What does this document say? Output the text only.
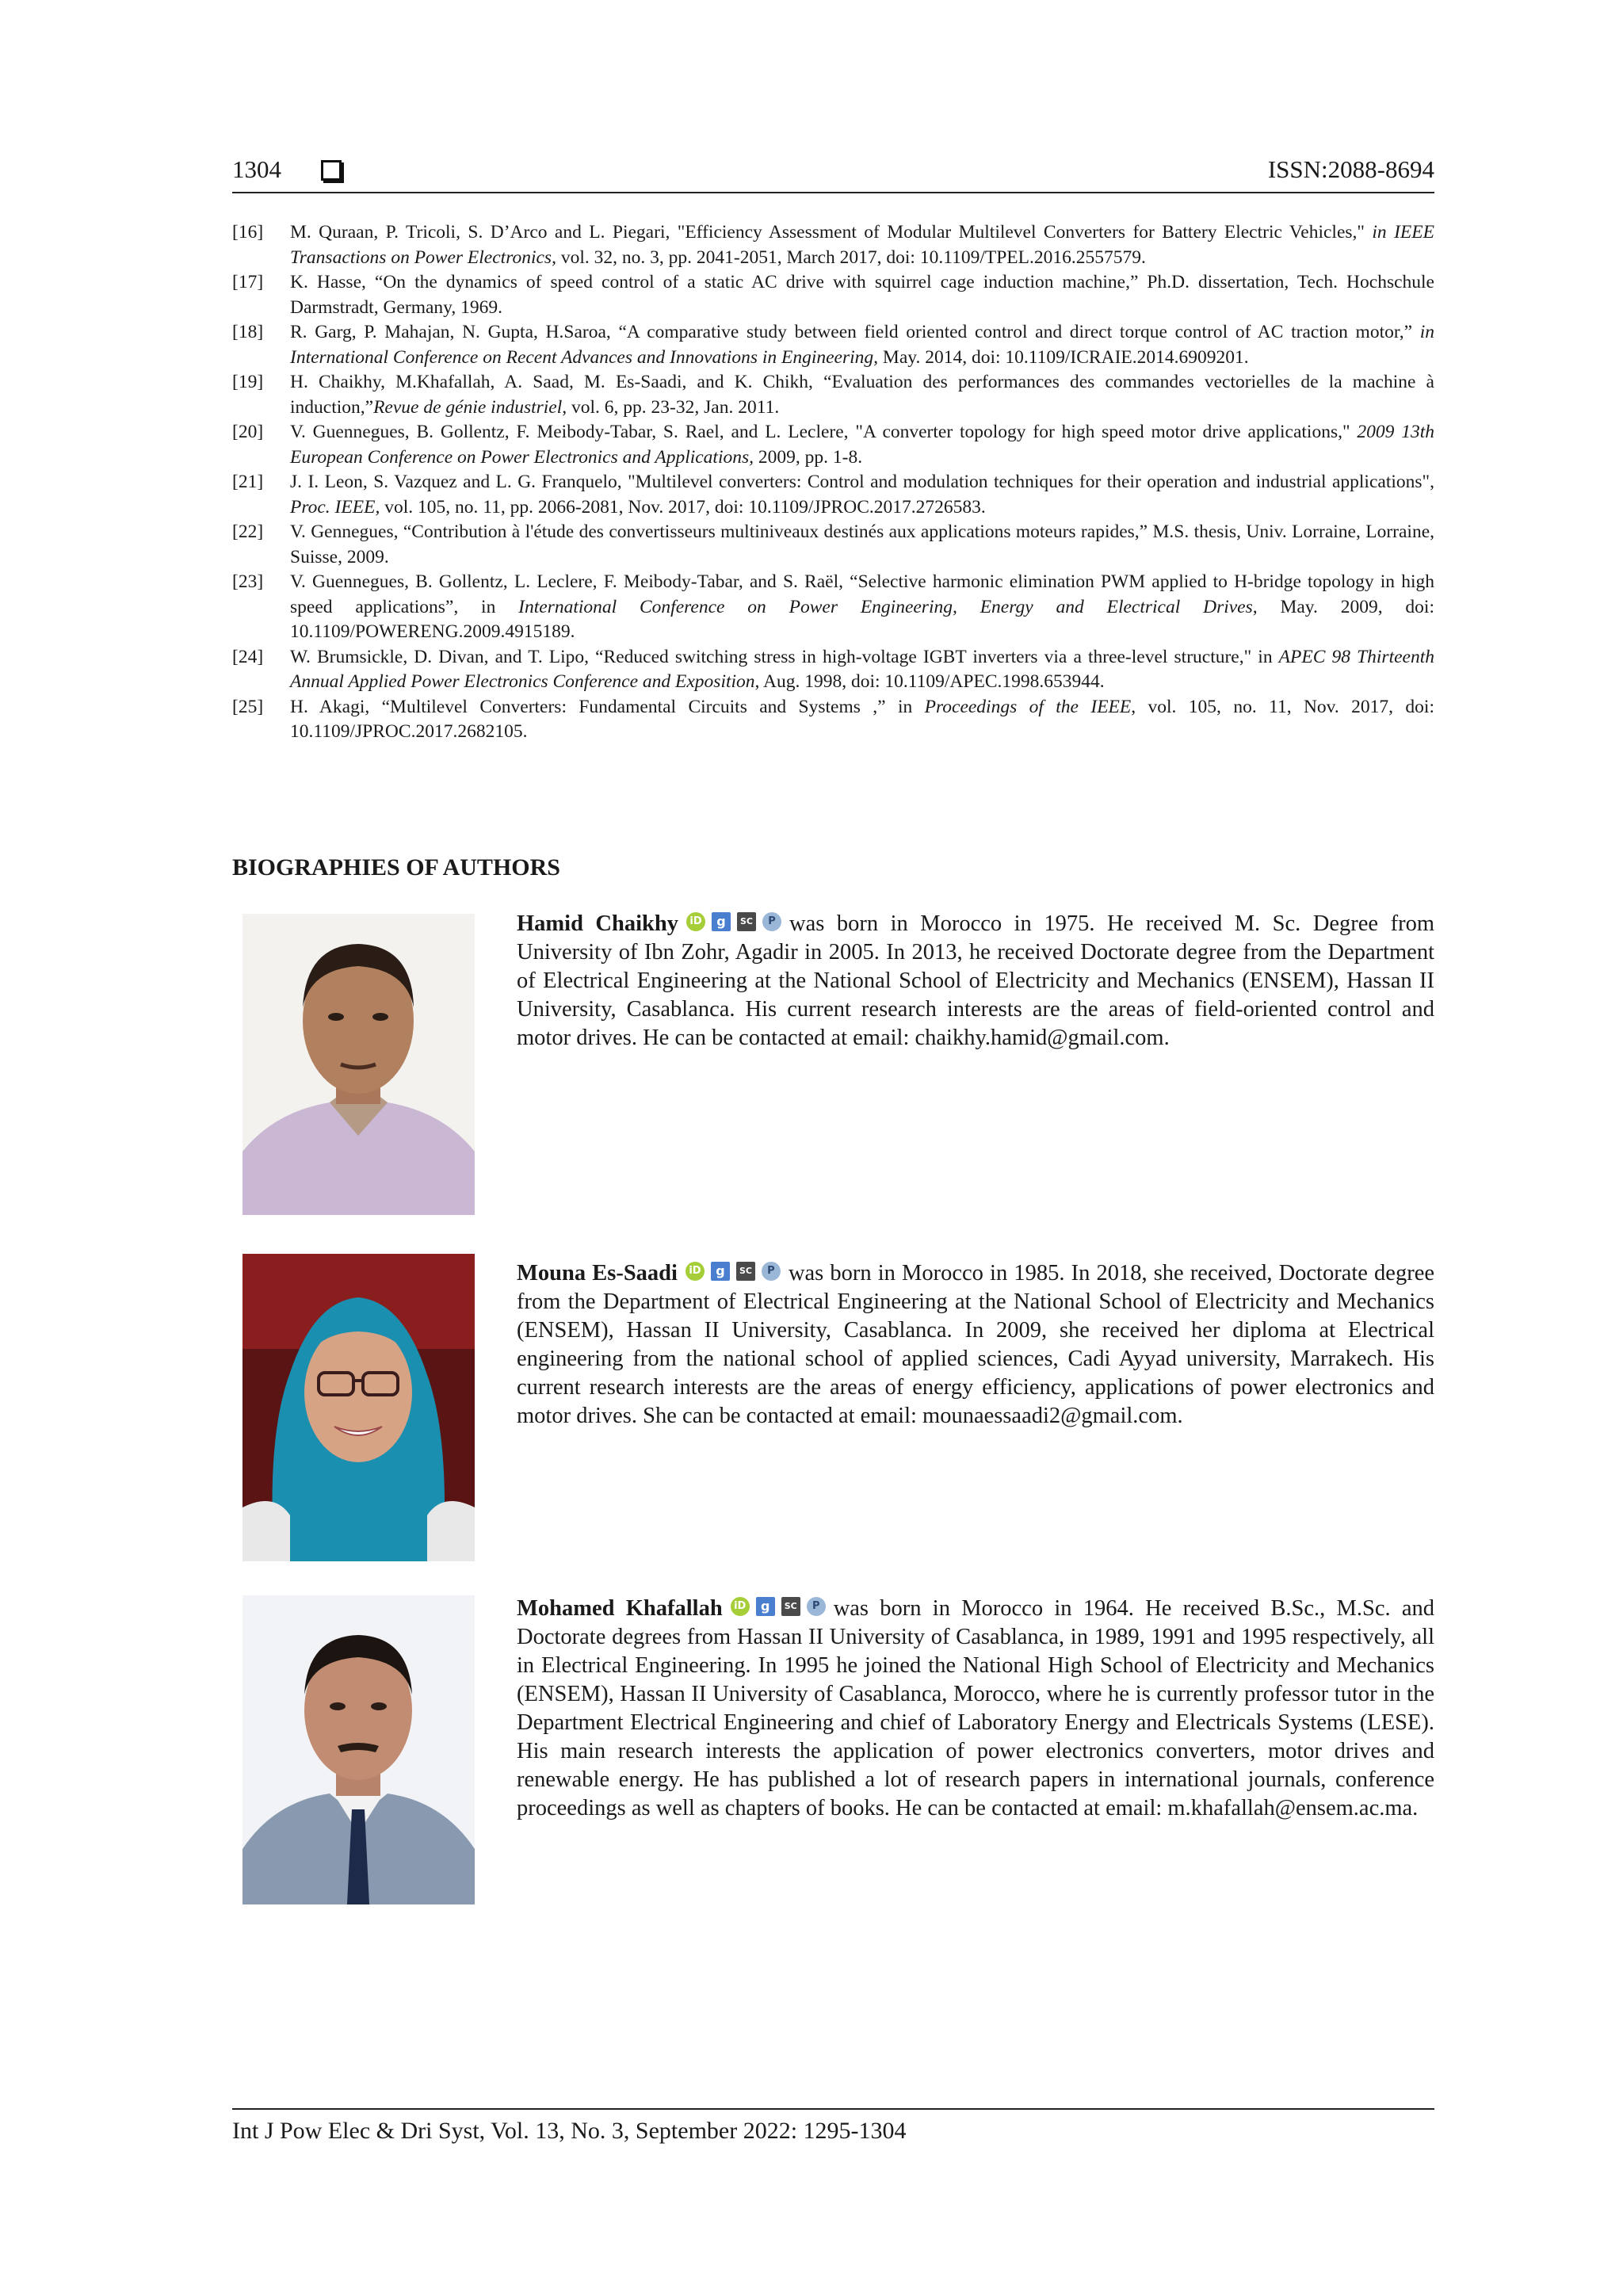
1304	ISSN:2088-8694
[16]	M. Quraan, P. Tricoli, S. D’Arco and L. Piegari, "Efficiency Assessment of Modular Multilevel Converters for Battery Electric Vehicles," in IEEE Transactions on Power Electronics, vol. 32, no. 3, pp. 2041-2051, March 2017, doi: 10.1109/TPEL.2016.2557579.
[17]	K. Hasse, “On the dynamics of speed control of a static AC drive with squirrel cage induction machine,” Ph.D. dissertation, Tech. Hochschule Darmstradt, Germany, 1969.
[18]	R. Garg, P. Mahajan, N. Gupta, H.Saroa, “A comparative study between field oriented control and direct torque control of AC traction motor,” in International Conference on Recent Advances and Innovations in Engineering, May. 2014, doi: 10.1109/ICRAIE.2014.6909201.
[19]	H. Chaikhy, M.Khafallah, A. Saad, M. Es-Saadi, and K. Chikh, “Evaluation des performances des commandes vectorielles de la machine à induction,”Revue de génie industriel, vol. 6, pp. 23-32, Jan. 2011.
[20]	V. Guennegues, B. Gollentz, F. Meibody-Tabar, S. Rael, and L. Leclere, "A converter topology for high speed motor drive applications," 2009 13th European Conference on Power Electronics and Applications, 2009, pp. 1-8.
[21]	J. I. Leon, S. Vazquez and L. G. Franquelo, "Multilevel converters: Control and modulation techniques for their operation and industrial applications", Proc. IEEE, vol. 105, no. 11, pp. 2066-2081, Nov. 2017, doi: 10.1109/JPROC.2017.2726583.
[22]	V. Gennegues, “Contribution à l'étude des convertisseurs multiniveaux destinés aux applications moteurs rapides,” M.S. thesis, Univ. Lorraine, Lorraine, Suisse, 2009.
[23]	V. Guennegues, B. Gollentz, L. Leclere, F. Meibody-Tabar, and S. Raël, “Selective harmonic elimination PWM applied to H-bridge topology in high speed applications”, in International Conference on Power Engineering, Energy and Electrical Drives, May. 2009, doi: 10.1109/POWERENG.2009.4915189.
[24]	W. Brumsickle, D. Divan, and T. Lipo, “Reduced switching stress in high-voltage IGBT inverters via a three-level structure," in APEC 98 Thirteenth Annual Applied Power Electronics Conference and Exposition, Aug. 1998, doi: 10.1109/APEC.1998.653944.
[25]	H. Akagi, “Multilevel Converters: Fundamental Circuits and Systems ,” in Proceedings of the IEEE, vol. 105, no. 11, Nov. 2017, doi: 10.1109/JPROC.2017.2682105.
BIOGRAPHIES OF AUTHORS
Hamid Chaikhy	iD	g	SC	P was born in Morocco in 1975. He received M. Sc. Degree from University of Ibn Zohr, Agadir in 2005. In 2013, he received Doctorate degree from the Department of Electrical Engineering at the National School of Electricity and Mechanics (ENSEM), Hassan II University, Casablanca. His current research interests are the areas of field-oriented control and motor drives. He can be contacted at email: chaikhy.hamid@gmail.com.
Mouna Es-Saadi	iD	g	SC	P was born in Morocco in 1985. In 2018, she received, Doctorate degree from the Department of Electrical Engineering at the National School of Electricity and Mechanics (ENSEM), Hassan II University, Casablanca. In 2009, she received her diploma at Electrical engineering from the national school of applied sciences, Cadi Ayyad university, Marrakech. His current research interests are the areas of energy efficiency, applications of power electronics and motor drives. She can be contacted at email: mounaessaadi2@gmail.com.
Mohamed Khafallah	iD	g	SC	P was born in Morocco in 1964. He received B.Sc., M.Sc. and Doctorate degrees from Hassan II University of Casablanca, in 1989, 1991 and 1995 respectively, all in Electrical Engineering. In 1995 he joined the National High School of Electricity and Mechanics (ENSEM), Hassan II University of Casablanca, Morocco, where he is currently professor tutor in the Department Electrical Engineering and chief of Laboratory Energy and Electricals Systems (LESE). His main research interests the application of power electronics converters, motor drives and renewable energy. He has published a lot of research papers in international journals, conference proceedings as well as chapters of books. He can be contacted at email: m.khafallah@ensem.ac.ma.
Int J Pow Elec & Dri Syst, Vol. 13, No. 3, September 2022: 1295-1304
